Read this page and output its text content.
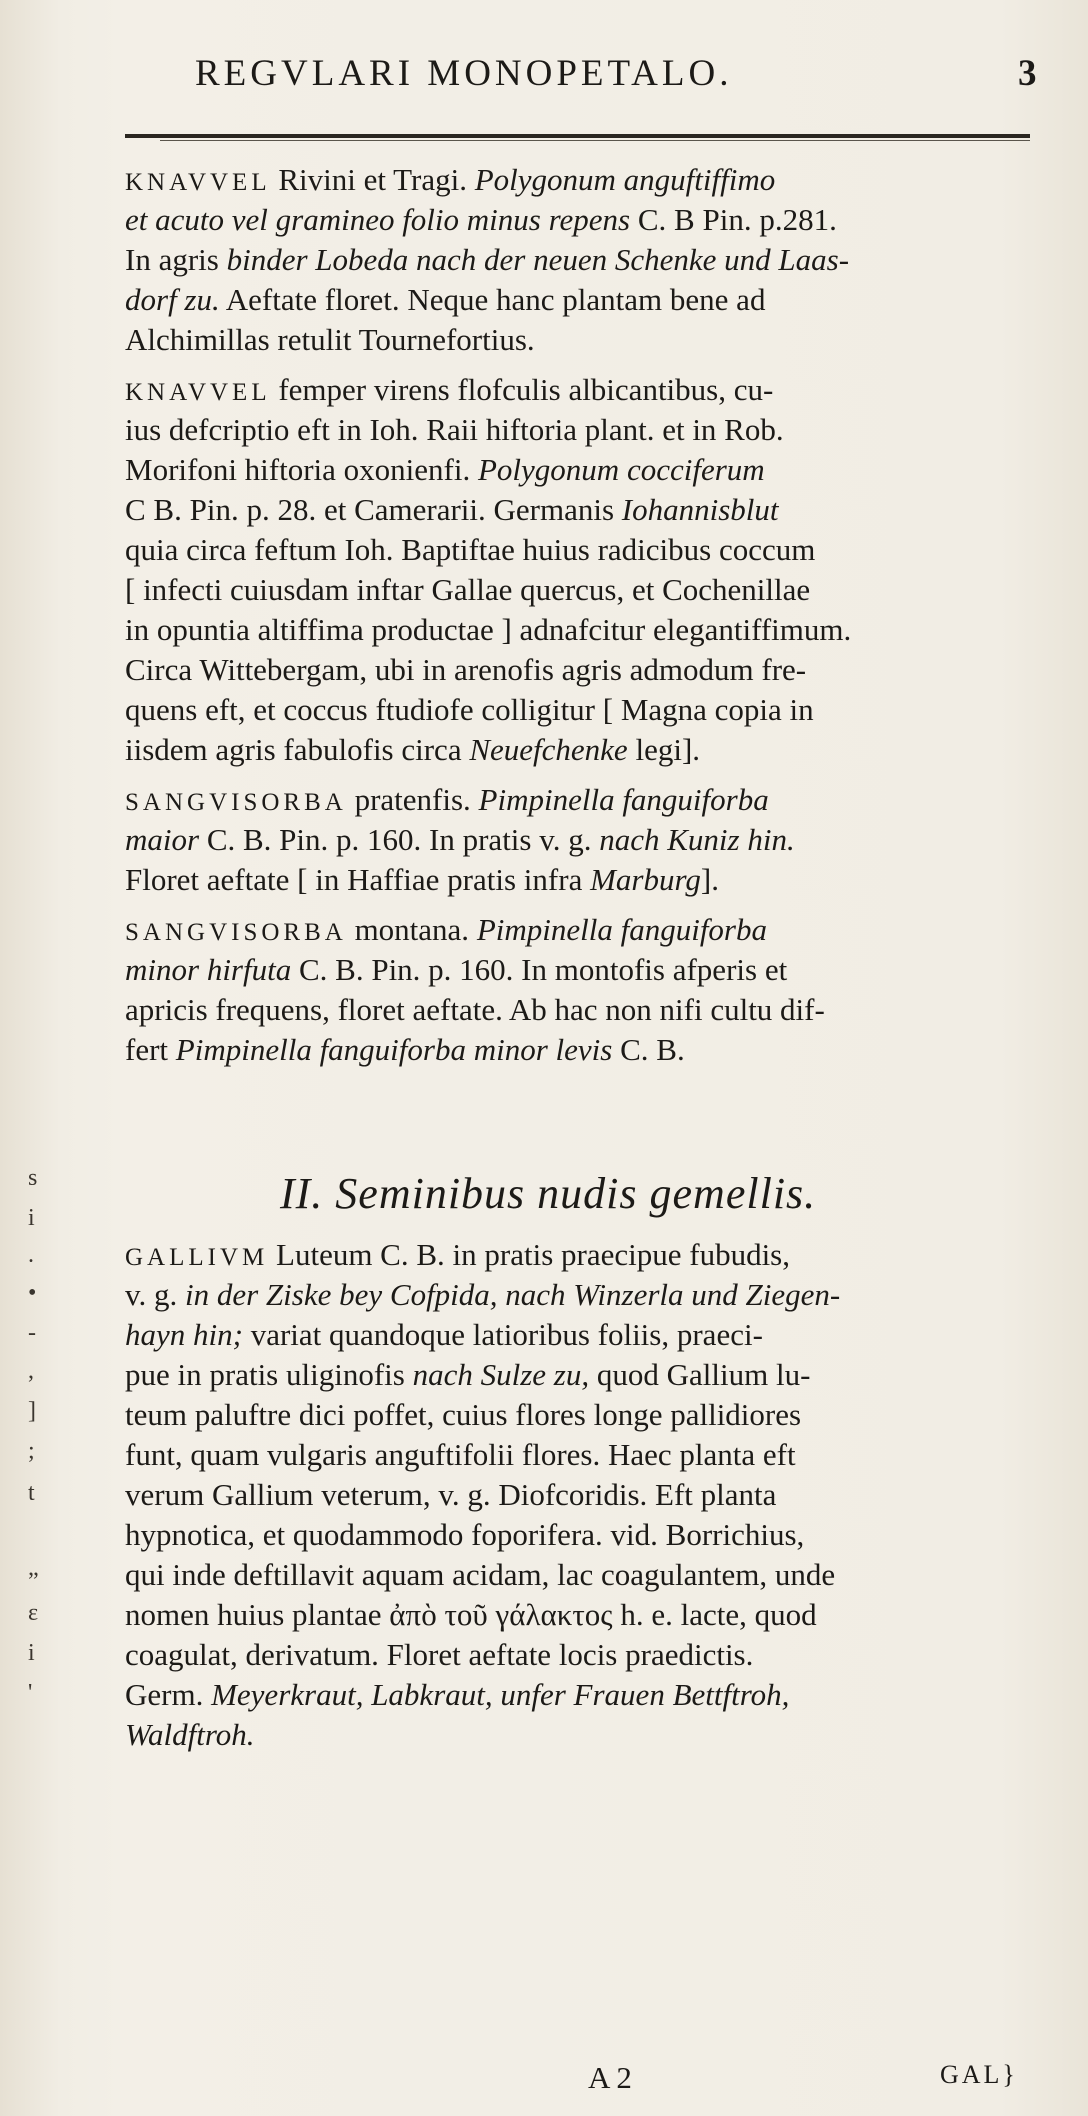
REGVLARI MONOPETALO.	3
KNAVVEL Rivini et Tragi. Polygonum anguftiffimo
et acuto vel gramineo folio minus repens C. B Pin. p.281.
In agris binder Lobeda nach der neuen Schenke und Laas-
dorf zu. Aeftate floret. Neque hanc plantam bene ad
Alchimillas retulit Tournefortius.
KNAVVEL femper virens flofculis albicantibus, cu-
ius defcriptio eft in Ioh. Raii hiftoria plant. et in Rob.
Morifoni hiftoria oxonienfi. Polygonum cocciferum
C B. Pin. p. 28. et Camerarii. Germanis Iohannisblut
quia circa feftum Ioh. Baptiftae huius radicibus coccum
[ infecti cuiusdam inftar Gallae quercus, et Cochenillae
in opuntia altiffima productae ] adnafcitur elegantiffimum.
Circa Wittebergam, ubi in arenofis agris admodum fre-
quens eft, et coccus ftudiofe colligitur [ Magna copia in
iisdem agris fabulofis circa Neuefchenke legi].
SANGVISORBA pratenfis. Pimpinella fanguiforba
maior C. B. Pin. p. 160. In pratis v. g. nach Kuniz hin.
Floret aeftate [ in Haffiae pratis infra Marburg].
SANGVISORBA montana. Pimpinella fanguiforba
minor hirfuta C. B. Pin. p. 160. In montofis afperis et
apricis frequens, floret aeftate. Ab hac non nifi cultu dif-
fert Pimpinella fanguiforba minor levis C. B.
GALLIVM Luteum C. B. in pratis praecipue fubudis,
v. g. in der Ziske bey Cofpida, nach Winzerla und Ziegen-
hayn hin; variat quandoque latioribus foliis, praeci-
pue in pratis uliginofis nach Sulze zu, quod Gallium lu-
teum paluftre dici poffet, cuius flores longe pallidiores
funt, quam vulgaris anguftifolii flores. Haec planta eft
verum Gallium veterum, v. g. Diofcoridis. Eft planta
hypnotica, et quodammodo foporifera. vid. Borrichius,
qui inde deftillavit aquam acidam, lac coagulantem, unde
nomen huius plantae ἀπὸ τοῦ γάλακτος h. e. lacte, quod
coagulat, derivatum. Floret aeftate locis praedictis.
Germ. Meyerkraut, Labkraut, unfer Frauen Bettftroh,
Waldftroh.
II. Seminibus nudis gemellis.
A 2	GAL}
s
i
.
•
-
,
]
;
t
„
ɛ
i
'
